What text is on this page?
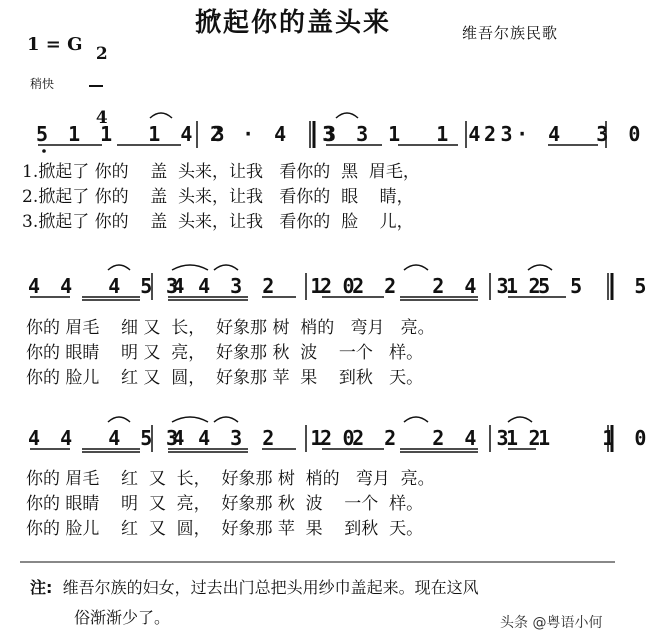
掀起你的盖头来	维吾尔族民歌
1 = G 2

4

稍快
5 1 1  1 4 3
2 · 4  3
3 3 1  1 4 3
2 · 4  3 0
1.掀起了 你的    盖  头来，让我   看你的  黑  眉毛，
2.掀起了 你的    盖  头来，让我   看你的  眼    睛，
3.掀起了 你的    盖  头来，让我   看你的  脸    儿，
4 4  4 5 4
3 4 3 2  1 0
2 2 2  2 4 3 2
1 5 5   5
你的 眉毛    细 又  长，  好象那 树  梢的   弯月   亮。
你的 眼睛    明 又  亮，  好象那 秋  波    一个   样。
你的 脸儿    红 又  圆，  好象那 苹  果    到秋   天。
4 4  4 5 4
3 4 3 2  1 0
2 2 2  2 4 3 2
1 1   1 0
你的 眉毛    红  又  长，  好象那 树  梢的   弯月  亮。
你的 眼睛    明  又  亮，  好象那 秋  波    一个  样。
你的 脸儿    红  又  圆，  好象那 苹  果    到秋  天。
注: 维吾尔族的妇女，过去出门总把头用纱巾盖起来。现在这风
俗渐渐少了。	头条 @粤语小何
